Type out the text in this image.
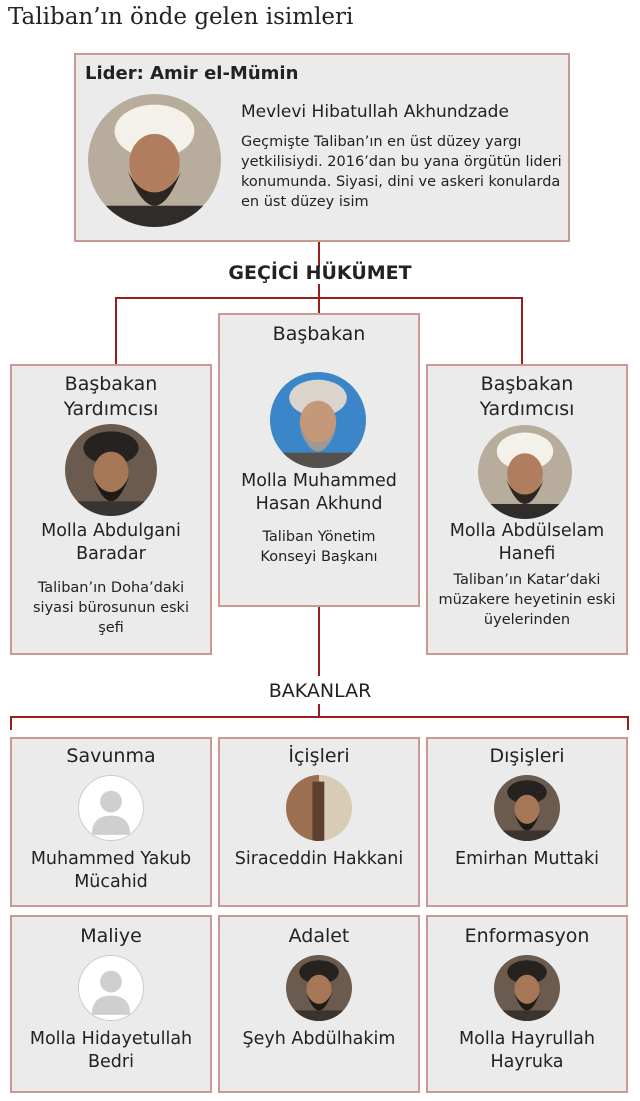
Taliban’ın önde gelen isimleri
Lider: Amir el-Mümin
Mevlevi Hibatullah Akhundzade
Geçmişte Taliban’ın en üst düzey yargı yetkilisiydi. 2016’dan bu yana örgütün lideri konumunda. Siyasi, dini ve askeri konularda en üst düzey isim
GEÇİCİ HÜKÜMET
Başbakan Yardımcısı
Molla Abdulgani Baradar
Taliban’ın Doha’daki siyasi bürosunun eski şefi
Başbakan
Molla Muhammed Hasan Akhund
Taliban Yönetim Konseyi Başkanı
Başbakan Yardımcısı
Molla Abdülselam Hanefi
Taliban’ın Katar’daki müzakere heyetinin eski üyelerinden
BAKANLAR
Savunma
Muhammed Yakub Mücahid
İçişleri
Siraceddin Hakkani
Dışişleri
Emirhan Muttaki
Maliye
Molla Hidayetullah Bedri
Adalet
Şeyh Abdülhakim
Enformasyon
Molla Hayrullah Hayruka
